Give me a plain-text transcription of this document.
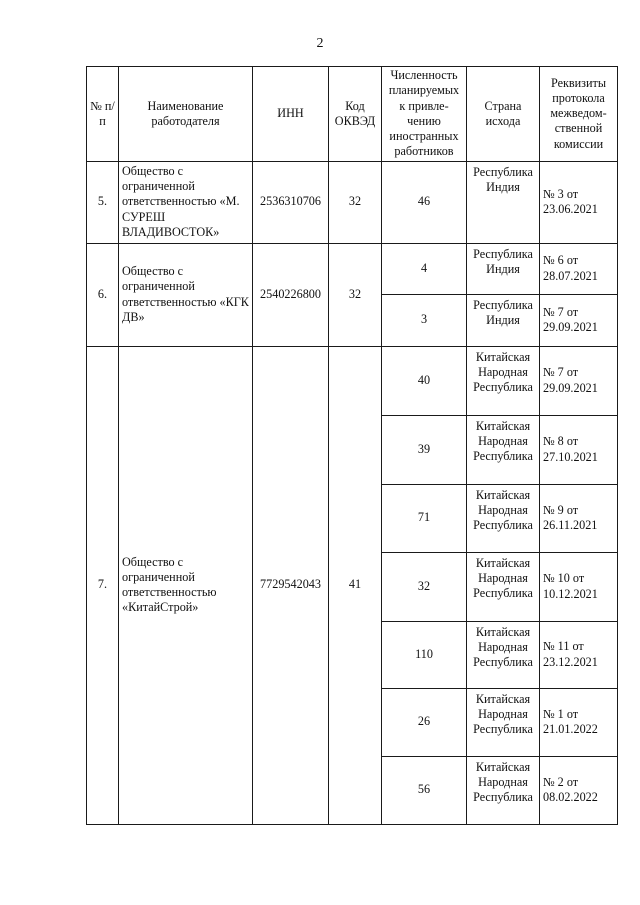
2
№ п/п	Наименование работодателя	ИНН	Код ОКВЭД	Численность планируемых к привле-чению иностранных работников	Страна исхода	Реквизиты протокола межведом-ственной комиссии
5.	Общество с ограниченной ответственностью «М. СУРЕШ ВЛАДИВОСТОК»	2536310706	32	46	Республика Индия	№ 3 от 23.06.2021
6.	Общество с ограниченной ответственностью «КГК ДВ»	2540226800	32	4	Республика Индия	№ 6 от 28.07.2021
				3	Республика Индия	№ 7 от 29.09.2021
7.	Общество с ограниченной ответственностью «КитайСтрой»	7729542043	41	40	Китайская Народная Республика	№ 7 от 29.09.2021
				39	Китайская Народная Республика	№ 8 от 27.10.2021
				71	Китайская Народная Республика	№ 9 от 26.11.2021
				32	Китайская Народная Республика	№ 10 от 10.12.2021
				110	Китайская Народная Республика	№ 11 от 23.12.2021
				26	Китайская Народная Республика	№ 1 от 21.01.2022
				56	Китайская Народная Республика	№ 2 от 08.02.2022
